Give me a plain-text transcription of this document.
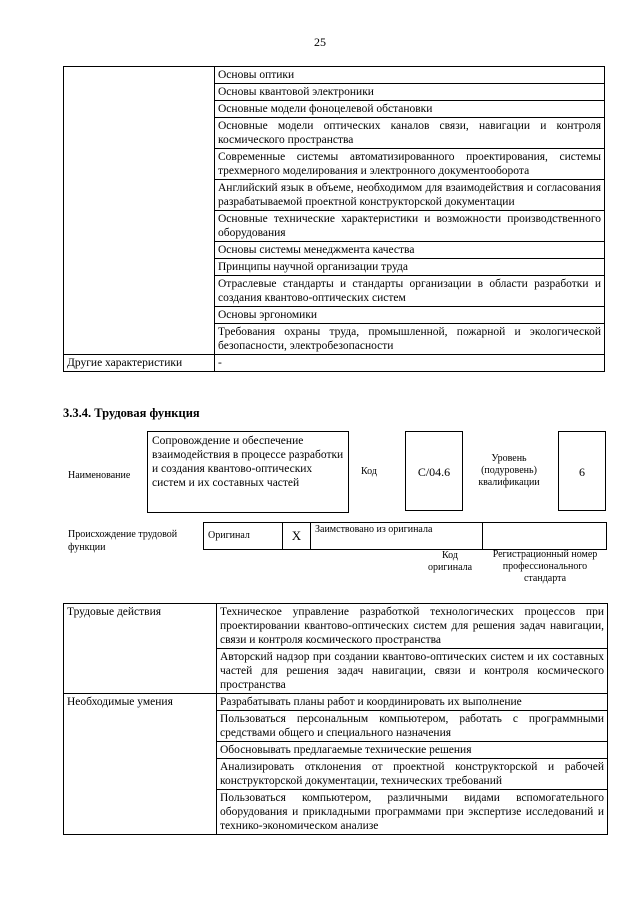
25
	Основы оптики
	Основы квантовой электроники
	Основные модели фоноцелевой обстановки
	Основные модели оптических каналов связи, навигации и контроля космического пространства
	Современные системы автоматизированного проектирования, системы трехмерного моделирования и электронного документооборота
	Английский язык в объеме, необходимом для взаимодействия и согласования разрабатываемой проектной конструкторской документации
	Основные технические характеристики и возможности производственного оборудования
	Основы системы менеджмента качества
	Принципы научной организации труда
	Отраслевые стандарты и стандарты организации в области разработки и создания квантово-оптических систем
	Основы эргономики
	Требования охраны труда, промышленной, пожарной и экологической безопасности, электробезопасности
Другие характеристики	-
3.3.4. Трудовая функция
Наименование
Сопровождение и обеспечение взаимодействия в процессе разработки и создания квантово-оптических систем и их составных частей
Код	С/04.6
Уровень (подуровень) квалификации
6
Происхождение трудовой функции
Оригинал	X	Заимствовано из оригинала	
Код оригинала
Регистрационный номер профессионального стандарта
Трудовые действия	Техническое управление разработкой технологических процессов при проектировании квантово-оптических систем для решения задач навигации, связи и контроля космического пространства
	Авторский надзор при создании квантово-оптических систем и их составных частей для решения задач навигации, связи и контроля космического пространства
Необходимые умения	Разрабатывать планы работ и координировать их выполнение
	Пользоваться персональным компьютером, работать с программными средствами общего и специального назначения
	Обосновывать предлагаемые технические решения
	Анализировать отклонения от проектной конструкторской и рабочей конструкторской документации, технических требований
	Пользоваться компьютером, различными видами вспомогательного оборудования и прикладными программами при экспертизе исследований и технико-экономическом анализе
